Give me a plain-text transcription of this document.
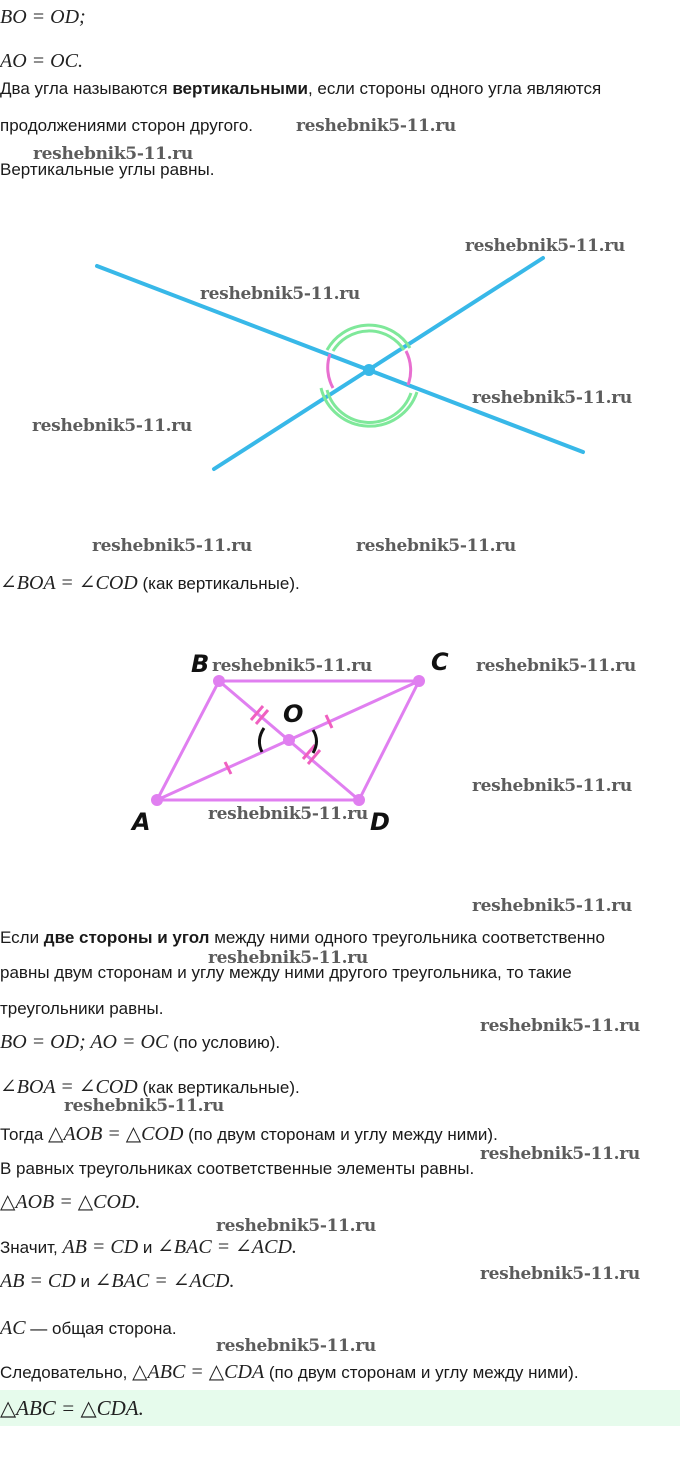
BO = OD;
AO = OC.
Два угла называются вертикальными, если стороны одного угла являются
продолжениями сторон другого.
Вертикальные углы равны.
∠BOA = ∠COD (как вертикальные).
A
B	C
D
O
Если две стороны и угол между ними одного треугольника соответственно
равны двум сторонам и углу между ними другого треугольника, то такие
треугольники равны.
BO = OD; AO = OC (по условию).
∠BOA = ∠COD (как вертикальные).
Тогда △AOB = △COD (по двум сторонам и углу между ними).
В равных треугольниках соответственные элементы равны.
△AOB = △COD.
Значит, AB = CD и ∠BAC = ∠ACD.
AB = CD и ∠BAC = ∠ACD.
AC — общая сторона.
Следовательно, △ABC = △CDA (по двум сторонам и углу между ними).
△ABC = △CDA.
reshebnik5-11.ru
reshebnik5-11.ru
reshebnik5-11.ru
reshebnik5-11.ru
reshebnik5-11.ru
reshebnik5-11.ru
reshebnik5-11.ru	reshebnik5-11.ru
reshebnik5-11.ru	reshebnik5-11.ru
reshebnik5-11.ru
reshebnik5-11.ru
reshebnik5-11.ru
reshebnik5-11.ru
reshebnik5-11.ru
reshebnik5-11.ru
reshebnik5-11.ru
reshebnik5-11.ru
reshebnik5-11.ru
reshebnik5-11.ru
